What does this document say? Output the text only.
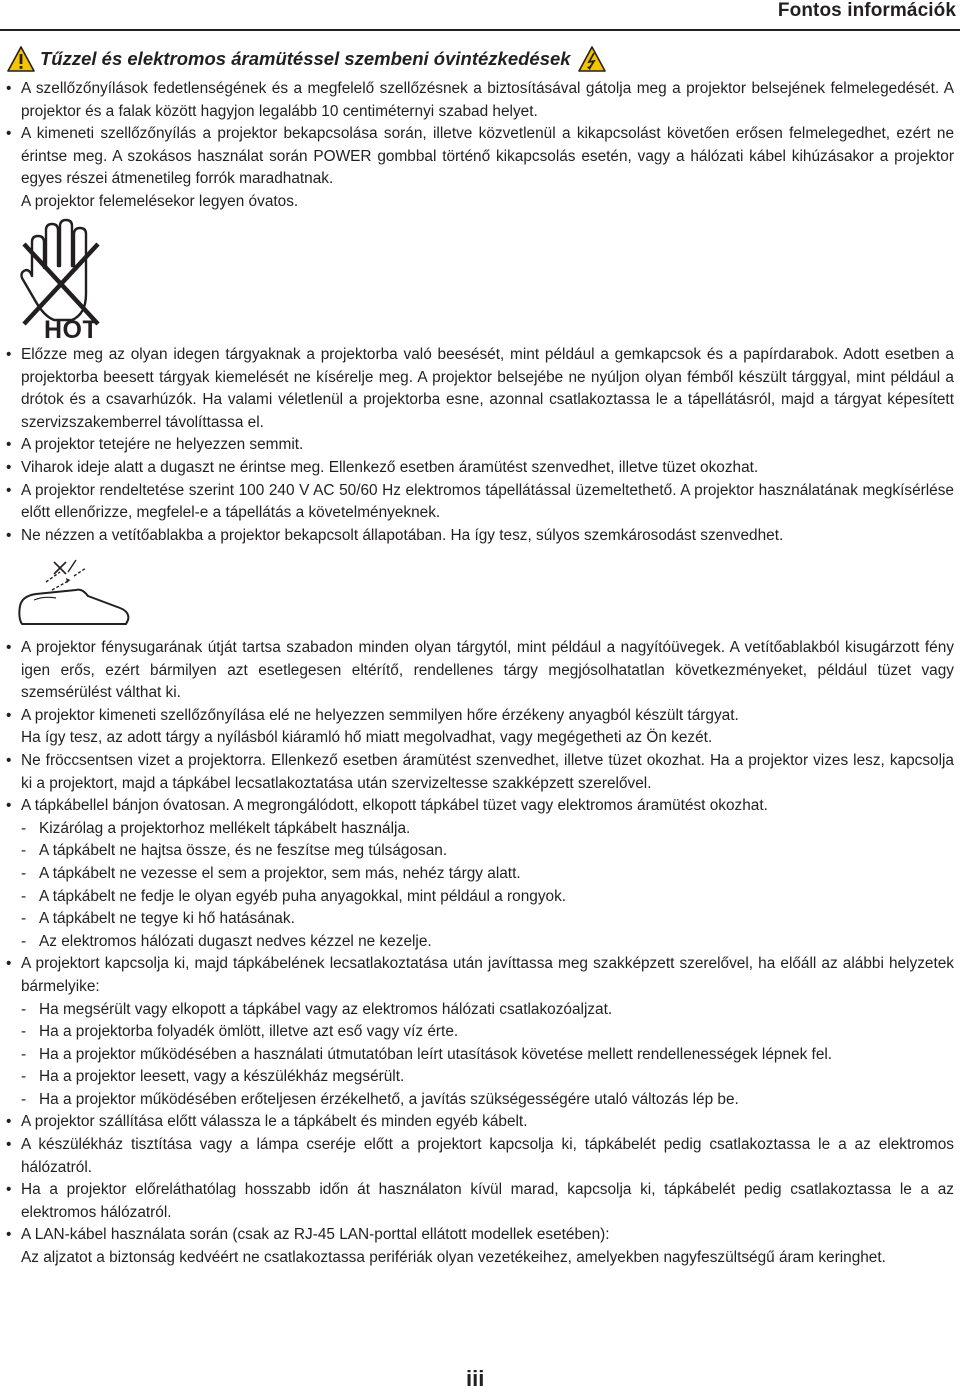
Fontos információk
Tűzzel és elektromos áramütéssel szembeni óvintézkedések
• A szellőzőnyílások fedetlenségének és a megfelelő szellőzésnek a biztosításával gátolja meg a projektor belsejének felmelegedését. A projektor és a falak között hagyjon legalább 10 centiméternyi szabad helyet.
• A kimeneti szellőzőnyílás a projektor bekapcsolása során, illetve közvetlenül a kikapcsolást követően erősen felmelegedhet, ezért ne érintse meg. A szokásos használat során POWER gombbal történő kikapcsolás esetén, vagy a hálózati kábel kihúzásakor a projektor egyes részei átmenetileg forrók maradhatnak.
A projektor felemelésekor legyen óvatos.
HOT
• Előzze meg az olyan idegen tárgyaknak a projektorba való beesését, mint például a gemkapcsok és a papírdarabok. Adott esetben a projektorba beesett tárgyak kiemelését ne kísérelje meg. A projektor belsejébe ne nyúljon olyan fémből készült tárggyal, mint például a drótok és a csavarhúzók. Ha valami véletlenül a projektorba esne, azonnal csatlakoztassa le a tápellátásról, majd a tárgyat képesített szervizszakemberrel távolíttassa el.
• A projektor tetejére ne helyezzen semmit.
• Viharok ideje alatt a dugaszt ne érintse meg. Ellenkező esetben áramütést szenvedhet, illetve tüzet okozhat.
• A projektor rendeltetése szerint 100 240 V AC 50/60 Hz elektromos tápellátással üzemeltethető. A projektor használatának megkísérlése előtt ellenőrizze, megfelel-e a tápellátás a követelményeknek.
• Ne nézzen a vetítőablakba a projektor bekapcsolt állapotában. Ha így tesz, súlyos szemkárosodást szenvedhet.
• A projektor fénysugarának útját tartsa szabadon minden olyan tárgytól, mint például a nagyítóüvegek. A vetítőablakból kisugárzott fény igen erős, ezért bármilyen azt esetlegesen eltérítő, rendellenes tárgy megjósolhatatlan következményeket, például tüzet vagy szemsérülést válthat ki.
• A projektor kimeneti szellőzőnyílása elé ne helyezzen semmilyen hőre érzékeny anyagból készült tárgyat.
Ha így tesz, az adott tárgy a nyílásból kiáramló hő miatt megolvadhat, vagy megégetheti az Ön kezét.
• Ne fröccsentsen vizet a projektorra. Ellenkező esetben áramütést szenvedhet, illetve tüzet okozhat. Ha a projektor vizes lesz, kapcsolja ki a projektort, majd a tápkábel lecsatlakoztatása után szervizeltesse szakképzett szerelővel.
• A tápkábellel bánjon óvatosan. A megrongálódott, elkopott tápkábel tüzet vagy elektromos áramütést okozhat.
- Kizárólag a projektorhoz mellékelt tápkábelt használja.
- A tápkábelt ne hajtsa össze, és ne feszítse meg túlságosan.
- A tápkábelt ne vezesse el sem a projektor, sem más, nehéz tárgy alatt.
- A tápkábelt ne fedje le olyan egyéb puha anyagokkal, mint például a rongyok.
- A tápkábelt ne tegye ki hő hatásának.
- Az elektromos hálózati dugaszt nedves kézzel ne kezelje.
• A projektort kapcsolja ki, majd tápkábelének lecsatlakoztatása után javíttassa meg szakképzett szerelővel, ha előáll az alábbi helyzetek bármelyike:
- Ha megsérült vagy elkopott a tápkábel vagy az elektromos hálózati csatlakozóaljzat.
- Ha a projektorba folyadék ömlött, illetve azt eső vagy víz érte.
- Ha a projektor működésében a használati útmutatóban leírt utasítások követése mellett rendellenességek lépnek fel.
- Ha a projektor leesett, vagy a készülékház megsérült.
- Ha a projektor működésében erőteljesen érzékelhető, a javítás szükségességére utaló változás lép be.
• A projektor szállítása előtt válassza le a tápkábelt és minden egyéb kábelt.
• A készülékház tisztítása vagy a lámpa cseréje előtt a projektort kapcsolja ki, tápkábelét pedig csatlakoztassa le a az elektromos hálózatról.
• Ha a projektor előreláthatólag hosszabb időn át használaton kívül marad, kapcsolja ki, tápkábelét pedig csatlakoztassa le a az elektromos hálózatról.
• A LAN-kábel használata során (csak az RJ-45 LAN-porttal ellátott modellek esetében):
Az aljzatot a biztonság kedvéért ne csatlakoztassa perifériák olyan vezetékeihez, amelyekben nagyfeszültségű áram keringhet.
iii
